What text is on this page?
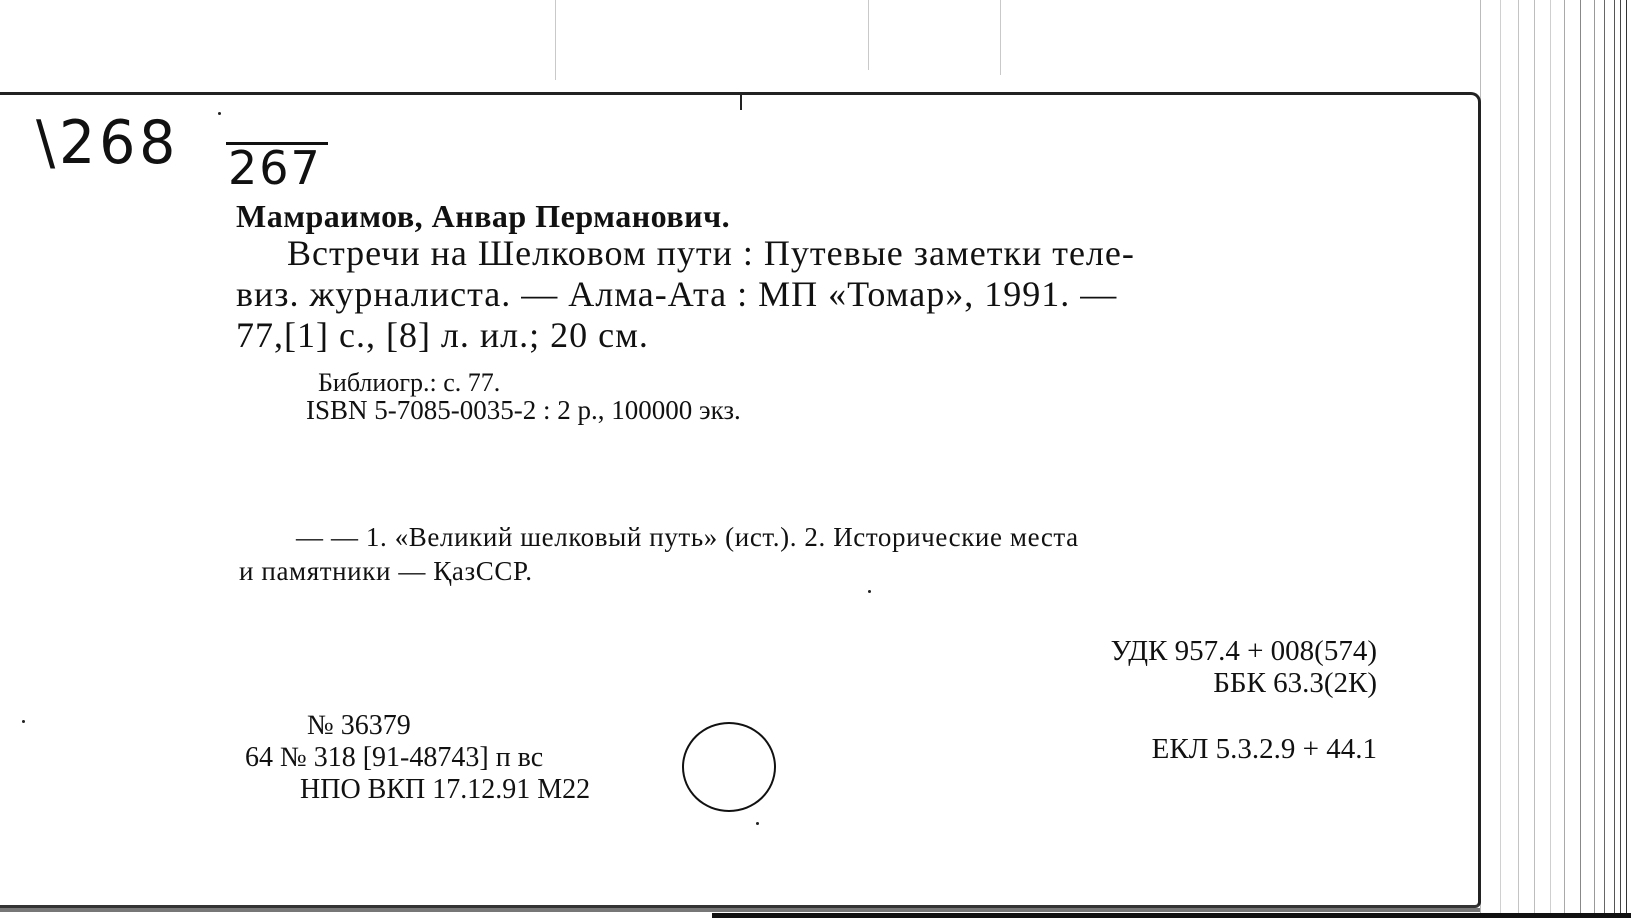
\268 267
Мамраимов, Анвар Перманович.
Встречи на Шелковом пути : Путевые заметки теле-
виз. журналиста. — Алма-Ата : МП «Томар», 1991. —
77,[1] с., [8] л. ил.; 20 см.
Библиогр.: с. 77.
ISBN 5-7085-0035-2 : 2 р., 100000 экз.
— — 1. «Великий шелковый путь» (ист.). 2. Исторические места
и памятники — ҚазССР.
УДК 957.4 + 008(574)
ББК 63.3(2К)
ЕКЛ 5.3.2.9 + 44.1
№ 36379
64 № 318 [91-48743] п вс
НПО ВКП 17.12.91 М22
